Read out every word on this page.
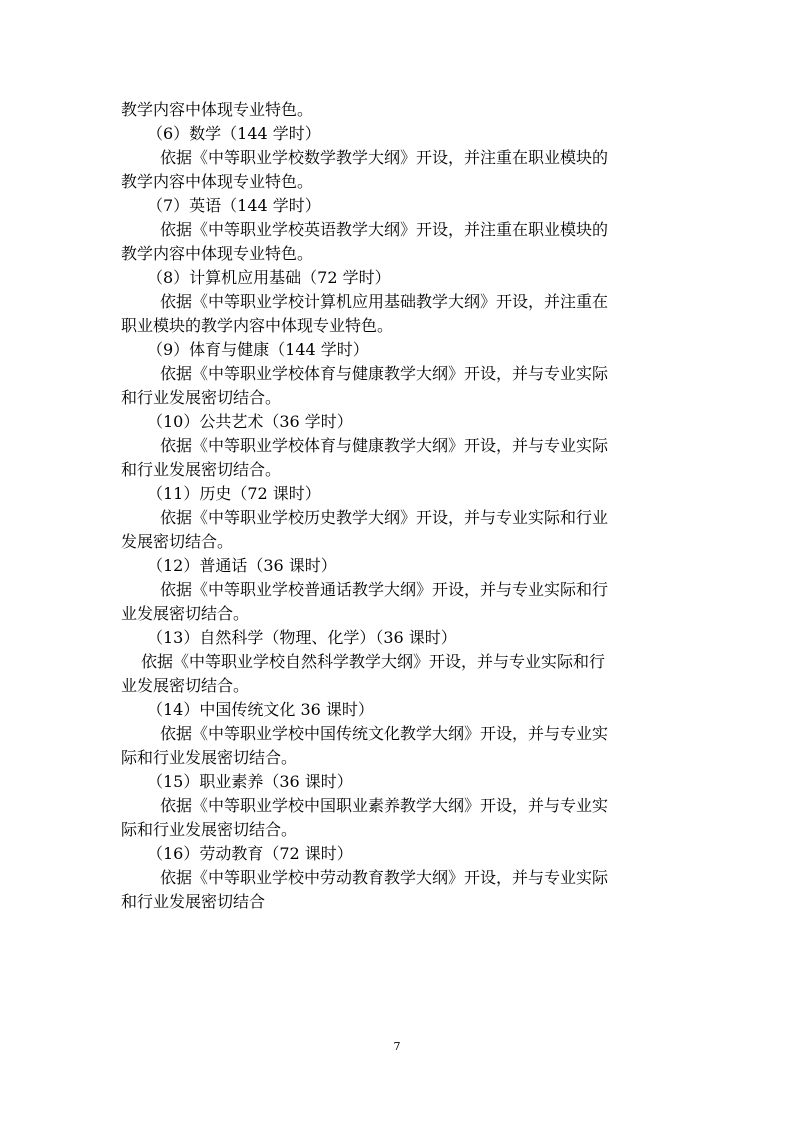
教学内容中体现专业特色。
（6）数学（144 学时）
依据《中等职业学校数学教学大纲》开设，并注重在职业模块的
教学内容中体现专业特色。
（7）英语（144 学时）
依据《中等职业学校英语教学大纲》开设，并注重在职业模块的
教学内容中体现专业特色。
（8）计算机应用基础（72 学时）
依据《中等职业学校计算机应用基础教学大纲》开设，并注重在
职业模块的教学内容中体现专业特色。
（9）体育与健康（144 学时）
依据《中等职业学校体育与健康教学大纲》开设，并与专业实际
和行业发展密切结合。
（10）公共艺术（36 学时）
依据《中等职业学校体育与健康教学大纲》开设，并与专业实际
和行业发展密切结合。
（11）历史（72 课时）
依据《中等职业学校历史教学大纲》开设，并与专业实际和行业
发展密切结合。
（12）普通话（36 课时）
依据《中等职业学校普通话教学大纲》开设，并与专业实际和行
业发展密切结合。
（13）自然科学（物理、化学）（36 课时）
依据《中等职业学校自然科学教学大纲》开设，并与专业实际和行
业发展密切结合。
（14）中国传统文化 36 课时）
依据《中等职业学校中国传统文化教学大纲》开设，并与专业实
际和行业发展密切结合。
（15）职业素养（36 课时）
依据《中等职业学校中国职业素养教学大纲》开设，并与专业实
际和行业发展密切结合。
（16）劳动教育（72 课时）
依据《中等职业学校中劳动教育教学大纲》开设，并与专业实际
和行业发展密切结合
7
